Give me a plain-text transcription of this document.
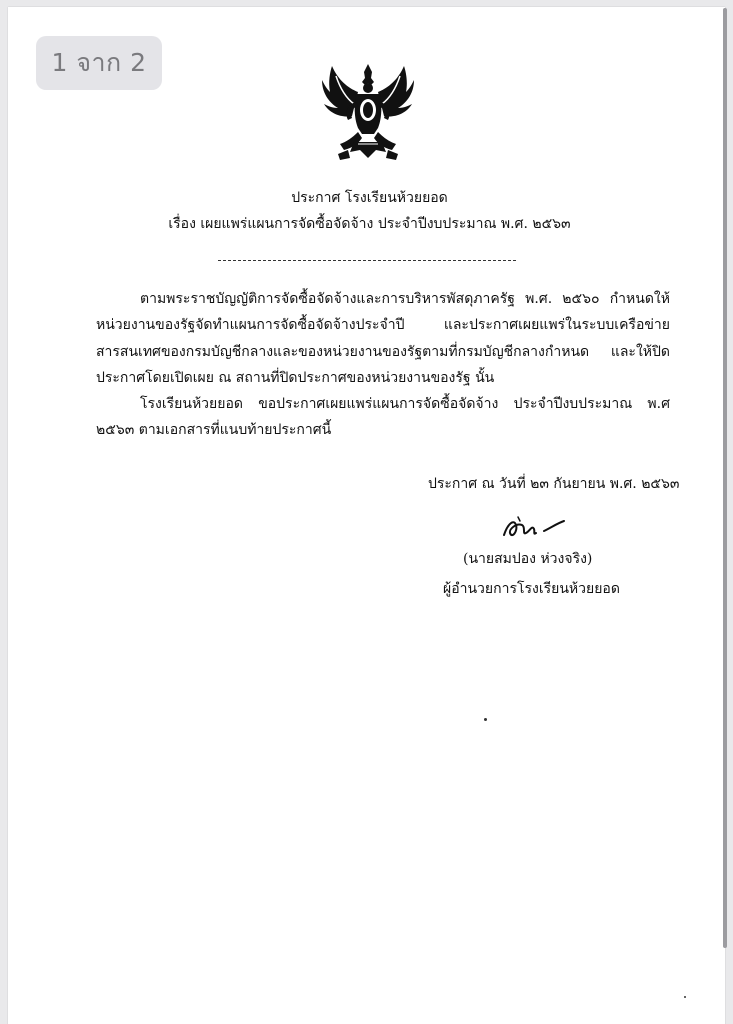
1 จาก 2
ประกาศ โรงเรียนห้วยยอด
เรื่อง เผยแพร่แผนการจัดซื้อจัดจ้าง ประจำปีงบประมาณ พ.ศ. ๒๕๖๓
ตามพระราชบัญญัติการจัดซื้อจัดจ้างและการบริหารพัสดุภาครัฐ พ.ศ. ๒๕๖๐ กำหนดให้หน่วยงานของรัฐจัดทำแผนการจัดซื้อจัดจ้างประจำปี และประกาศเผยแพร่ในระบบเครือข่ายสารสนเทศของกรมบัญชีกลางและของหน่วยงานของรัฐตามที่กรมบัญชีกลางกำหนด และให้ปิดประกาศโดยเปิดเผย ณ สถานที่ปิดประกาศของหน่วยงานของรัฐ นั้น
โรงเรียนห้วยยอด ขอประกาศเผยแพร่แผนการจัดซื้อจัดจ้าง ประจำปีงบประมาณ พ.ศ ๒๕๖๓ ตามเอกสารที่แนบท้ายประกาศนี้
ประกาศ ณ วันที่ ๒๓ กันยายน พ.ศ. ๒๕๖๓
(นายสมปอง ห่วงจริง)
ผู้อำนวยการโรงเรียนห้วยยอด
